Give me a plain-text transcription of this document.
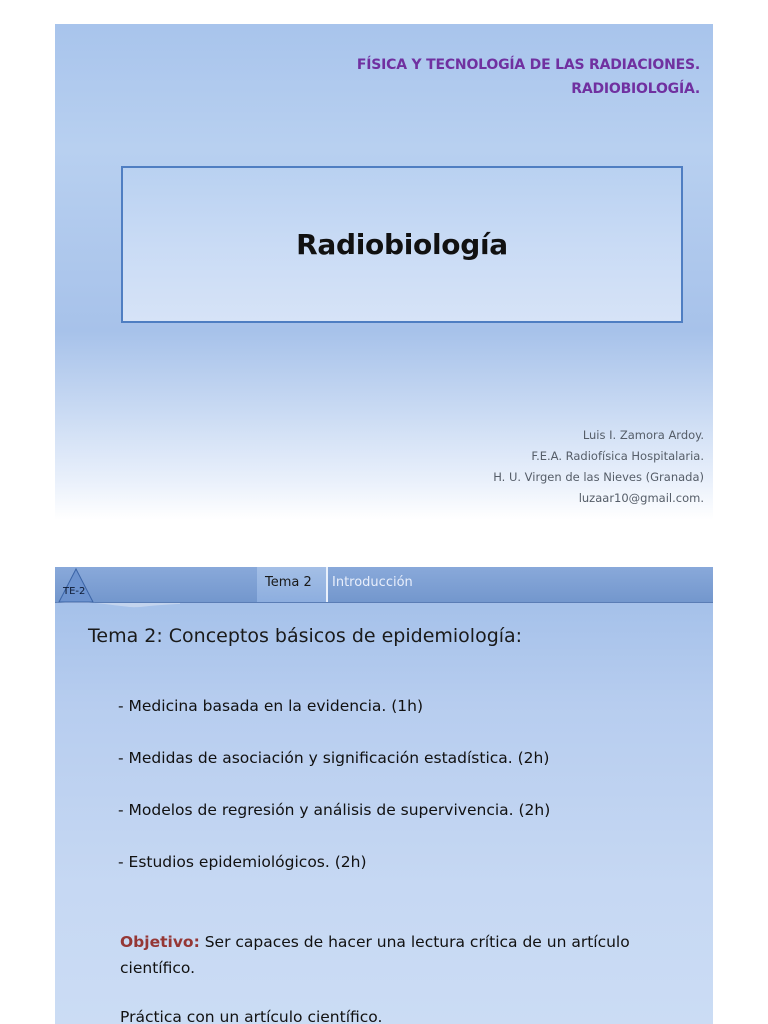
FÍSICA Y TECNOLOGÍA DE LAS RADIACIONES.
RADIOBIOLOGÍA.
Radiobiología
Luis I. Zamora Ardoy.
F.E.A. Radiofísica Hospitalaria.
H. U. Virgen de las Nieves (Granada)
luzaar10@gmail.com.
Tema 2 Introducción
TE-2
Tema 2: Conceptos básicos de epidemiología:
- Medicina basada en la evidencia. (1h)
- Medidas de asociación y significación estadística. (2h)
- Modelos de regresión y análisis de supervivencia. (2h)
- Estudios epidemiológicos. (2h)
Objetivo: Ser capaces de hacer una lectura crítica de un artículo científico.
Práctica con un artículo científico.
